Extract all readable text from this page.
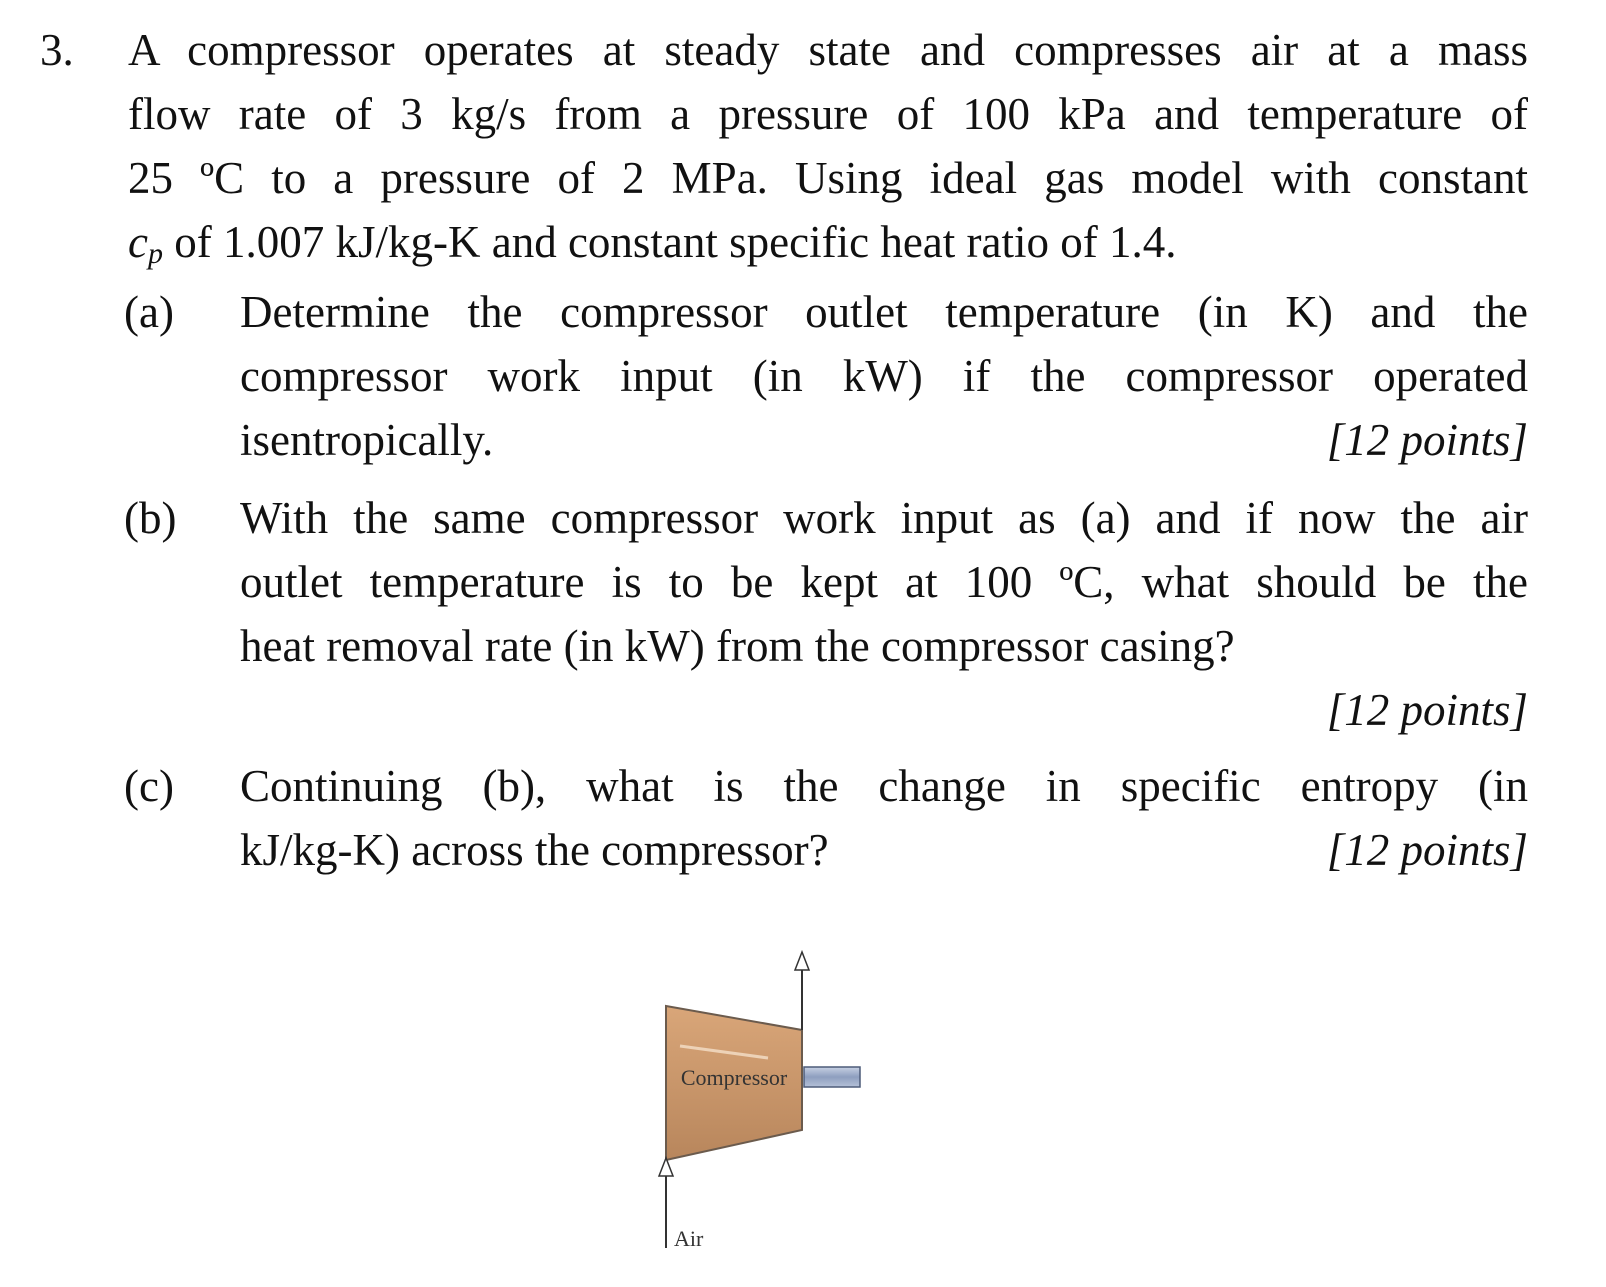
3. A compressor operates at steady state and compresses air at a mass
flow rate of 3 kg/s from a pressure of 100 kPa and temperature of
25 ºC to a pressure of 2 MPa. Using ideal gas model with constant
$c_p$ of 1.007 kJ/kg-K and constant specific heat ratio of 1.4.
(a) Determine the compressor outlet temperature (in K) and the
compressor work input (in kW) if the compressor operated
isentropically.	[12 points]
(b) With the same compressor work input as (a) and if now the air
outlet temperature is to be kept at 100 ºC, what should be the
heat removal rate (in kW) from the compressor casing?
[12 points]
(c) Continuing (b), what is the change in specific entropy (in
kJ/kg-K) across the compressor?	[12 points]
Compressor
Air
